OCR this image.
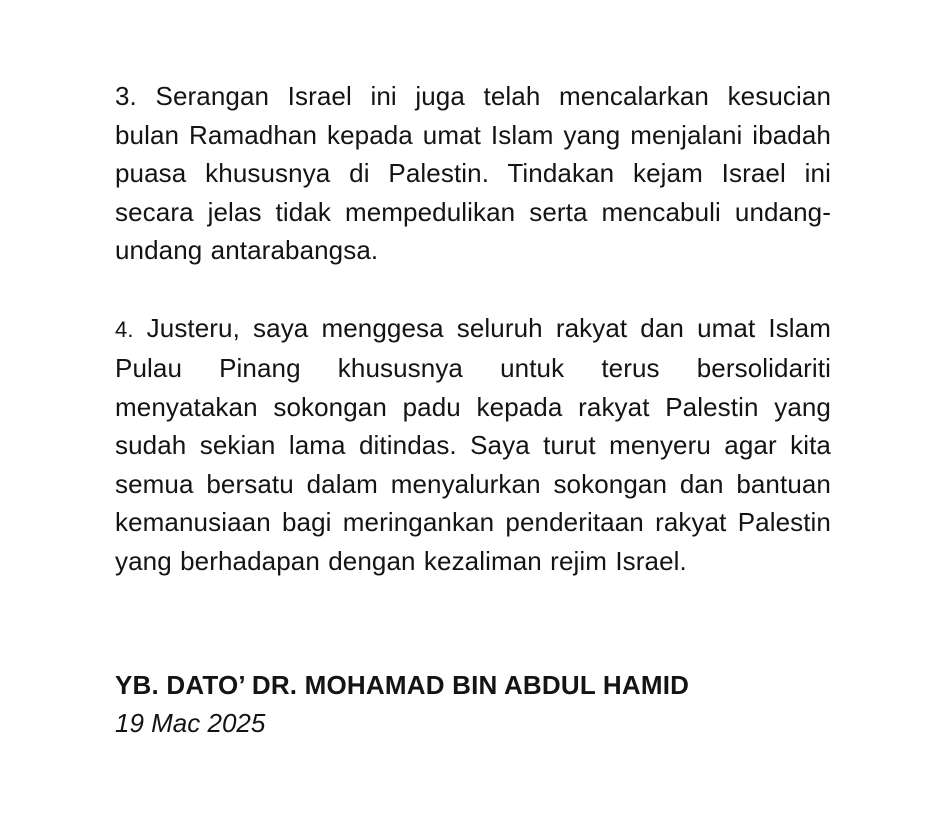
3. Serangan Israel ini juga telah mencalarkan kesucian bulan Ramadhan kepada umat Islam yang menjalani ibadah puasa khususnya di Palestin. Tindakan kejam Israel ini secara jelas tidak mempedulikan serta mencabuli undang-undang antarabangsa.

4. Justeru, saya menggesa seluruh rakyat dan umat Islam Pulau Pinang khususnya untuk terus bersolidariti menyatakan sokongan padu kepada rakyat Palestin yang sudah sekian lama ditindas. Saya turut menyeru agar kita semua bersatu dalam menyalurkan sokongan dan bantuan kemanusiaan bagi meringankan penderitaan rakyat Palestin yang berhadapan dengan kezaliman rejim Israel.

YB. DATO’ DR. MOHAMAD BIN ABDUL HAMID

19 Mac 2025
